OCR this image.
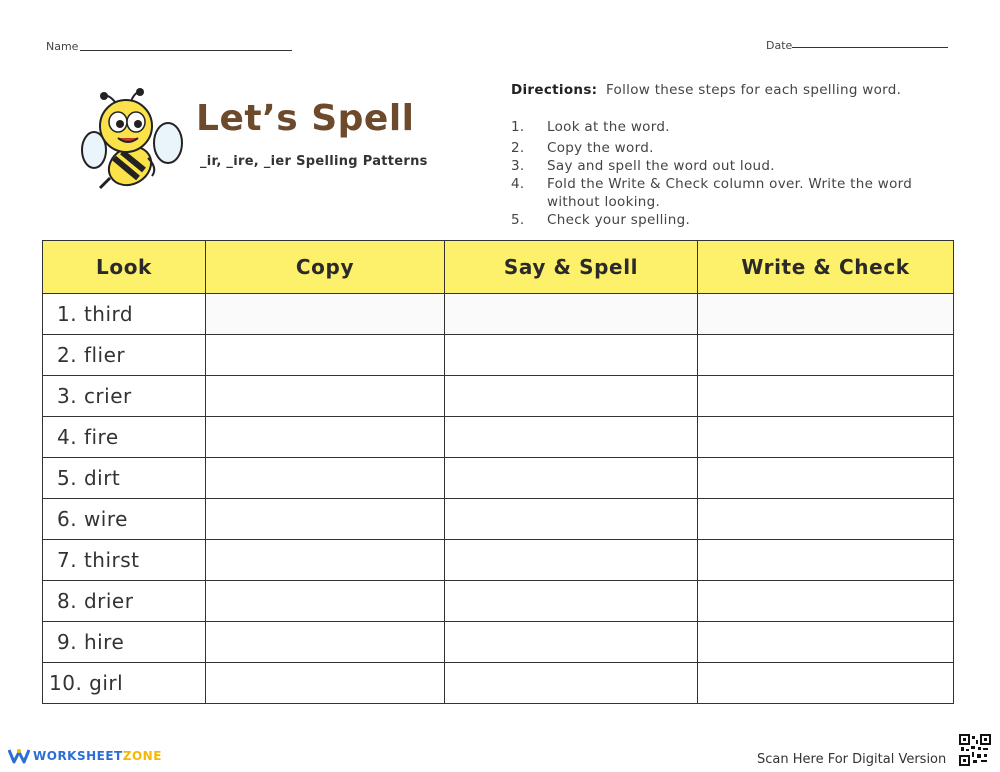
Name	Date
Let’s Spell
_ir, _ire, _ier Spelling Patterns
Directions: Follow these steps for each spelling word.
1.	Look at the word.
2.	Copy the word.
3.	Say and spell the word out loud.
4.	Fold the Write & Check column over. Write the word without looking.
5.	Check your spelling.
Look	Copy	Say & Spell	Write & Check
1. third			
2. flier			
3. crier			
4. fire			
5. dirt			
6. wire			
7. thirst			
8. drier			
9. hire			
10. girl			
WORKSHEETZONE	Scan Here For Digital Version
